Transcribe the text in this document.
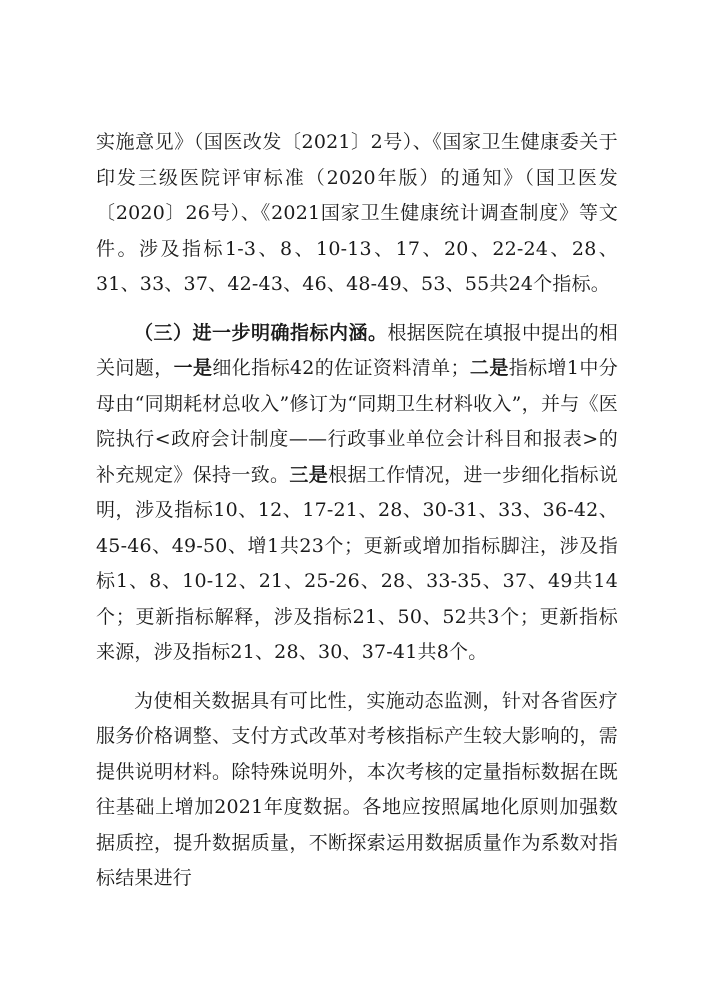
实施意见》（国医改发〔2021〕2号）、《国家卫生健康委关于印发三级医院评审标准（2020年版）的通知》（国卫医发〔2020〕26号）、《2021国家卫生健康统计调查制度》等文件。涉及指标1-3、8、10-13、17、20、22-24、28、31、33、37、42-43、46、48-49、53、55共24个指标。

（三）进一步明确指标内涵。根据医院在填报中提出的相关问题，一是细化指标42的佐证资料清单；二是指标增1中分母由“同期耗材总收入”修订为“同期卫生材料收入”，并与《医院执行<政府会计制度——行政事业单位会计科目和报表>的补充规定》保持一致。三是根据工作情况，进一步细化指标说明，涉及指标10、12、17-21、28、30-31、33、36-42、45-46、49-50、增1共23个；更新或增加指标脚注，涉及指标1、8、10-12、21、25-26、28、33-35、37、49共14个；更新指标解释，涉及指标21、50、52共3个；更新指标来源，涉及指标21、28、30、37-41共8个。

为使相关数据具有可比性，实施动态监测，针对各省医疗服务价格调整、支付方式改革对考核指标产生较大影响的，需提供说明材料。除特殊说明外，本次考核的定量指标数据在既往基础上增加2021年度数据。各地应按照属地化原则加强数据质控，提升数据质量，不断探索运用数据质量作为系数对指标结果进行
